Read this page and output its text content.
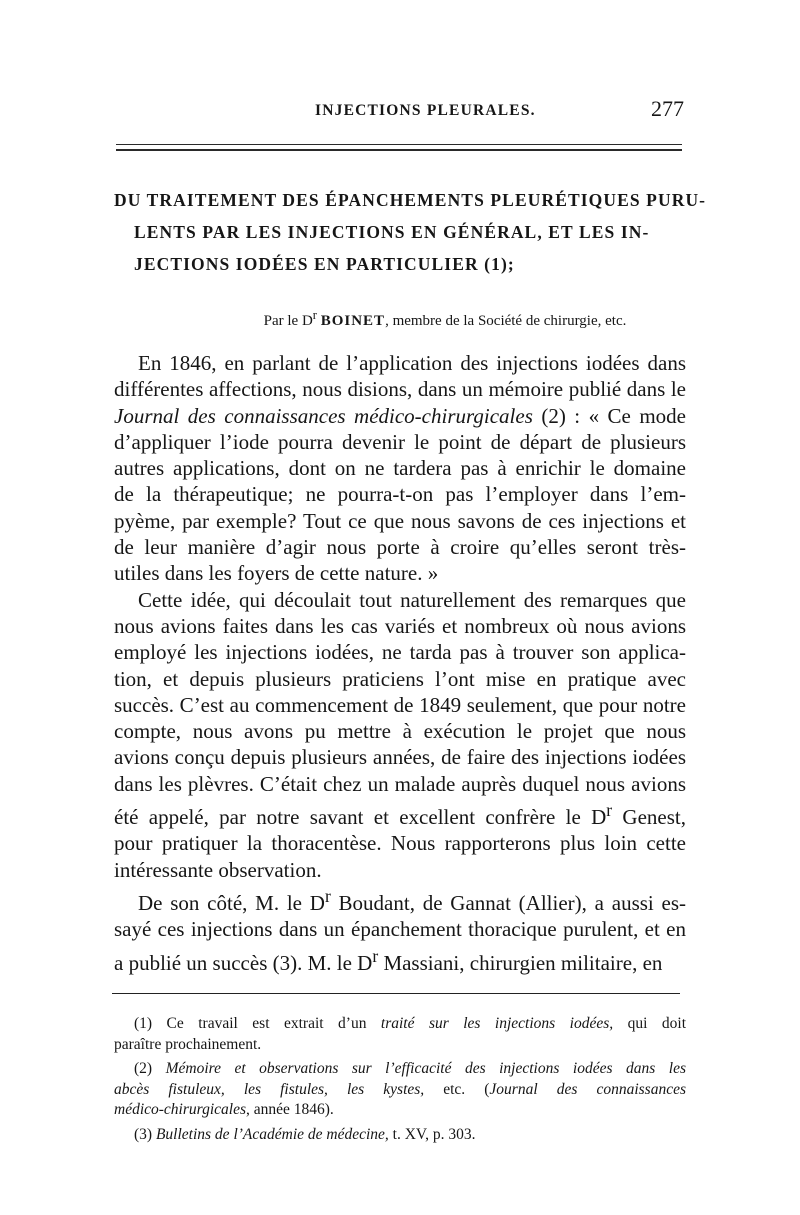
INJECTIONS PLEURALES.	277
DU TRAITEMENT DES ÉPANCHEMENTS PLEURÉTIQUES PURU-
LENTS PAR LES INJECTIONS EN GÉNÉRAL, ET LES IN-
JECTIONS IODÉES EN PARTICULIER (1);
Par le $D^r$ BOINET, membre de la Société de chirurgie, etc.
En 1846, en parlant de l’application des injections iodées dans
différentes affections, nous disions, dans un mémoire publié dans le
Journal des connaissances médico-chirurgicales (2) : « Ce mode
d’appliquer l’iode pourra devenir le point de départ de plusieurs
autres applications, dont on ne tardera pas à enrichir le domaine
de la thérapeutique; ne pourra-t-on pas l’employer dans l’em-
pyème, par exemple? Tout ce que nous savons de ces injections et
de leur manière d’agir nous porte à croire qu’elles seront très-
utiles dans les foyers de cette nature. »
Cette idée, qui découlait tout naturellement des remarques que
nous avions faites dans les cas variés et nombreux où nous avions
employé les injections iodées, ne tarda pas à trouver son applica-
tion, et depuis plusieurs praticiens l’ont mise en pratique avec
succès. C’est au commencement de 1849 seulement, que pour notre
compte, nous avons pu mettre à exécution le projet que nous
avions conçu depuis plusieurs années, de faire des injections iodées
dans les plèvres. C’était chez un malade auprès duquel nous avions
été appelé, par notre savant et excellent confrère le $D^r$ Genest,
pour pratiquer la thoracentèse. Nous rapporterons plus loin cette
intéressante observation.
De son côté, M. le $D^r$ Boudant, de Gannat (Allier), a aussi es-
sayé ces injections dans un épanchement thoracique purulent, et en
a publié un succès (3). M. le $D^r$ Massiani, chirurgien militaire, en
(1) Ce travail est extrait d’un traité sur les injections iodées, qui doit
paraître prochainement.
(2) Mémoire et observations sur l’efficacité des injections iodées dans les
abcès fistuleux, les fistules, les kystes, etc. (Journal des connaissances
médico-chirurgicales, année 1846).
(3) Bulletins de l’Académie de médecine, t. XV, p. 303.
